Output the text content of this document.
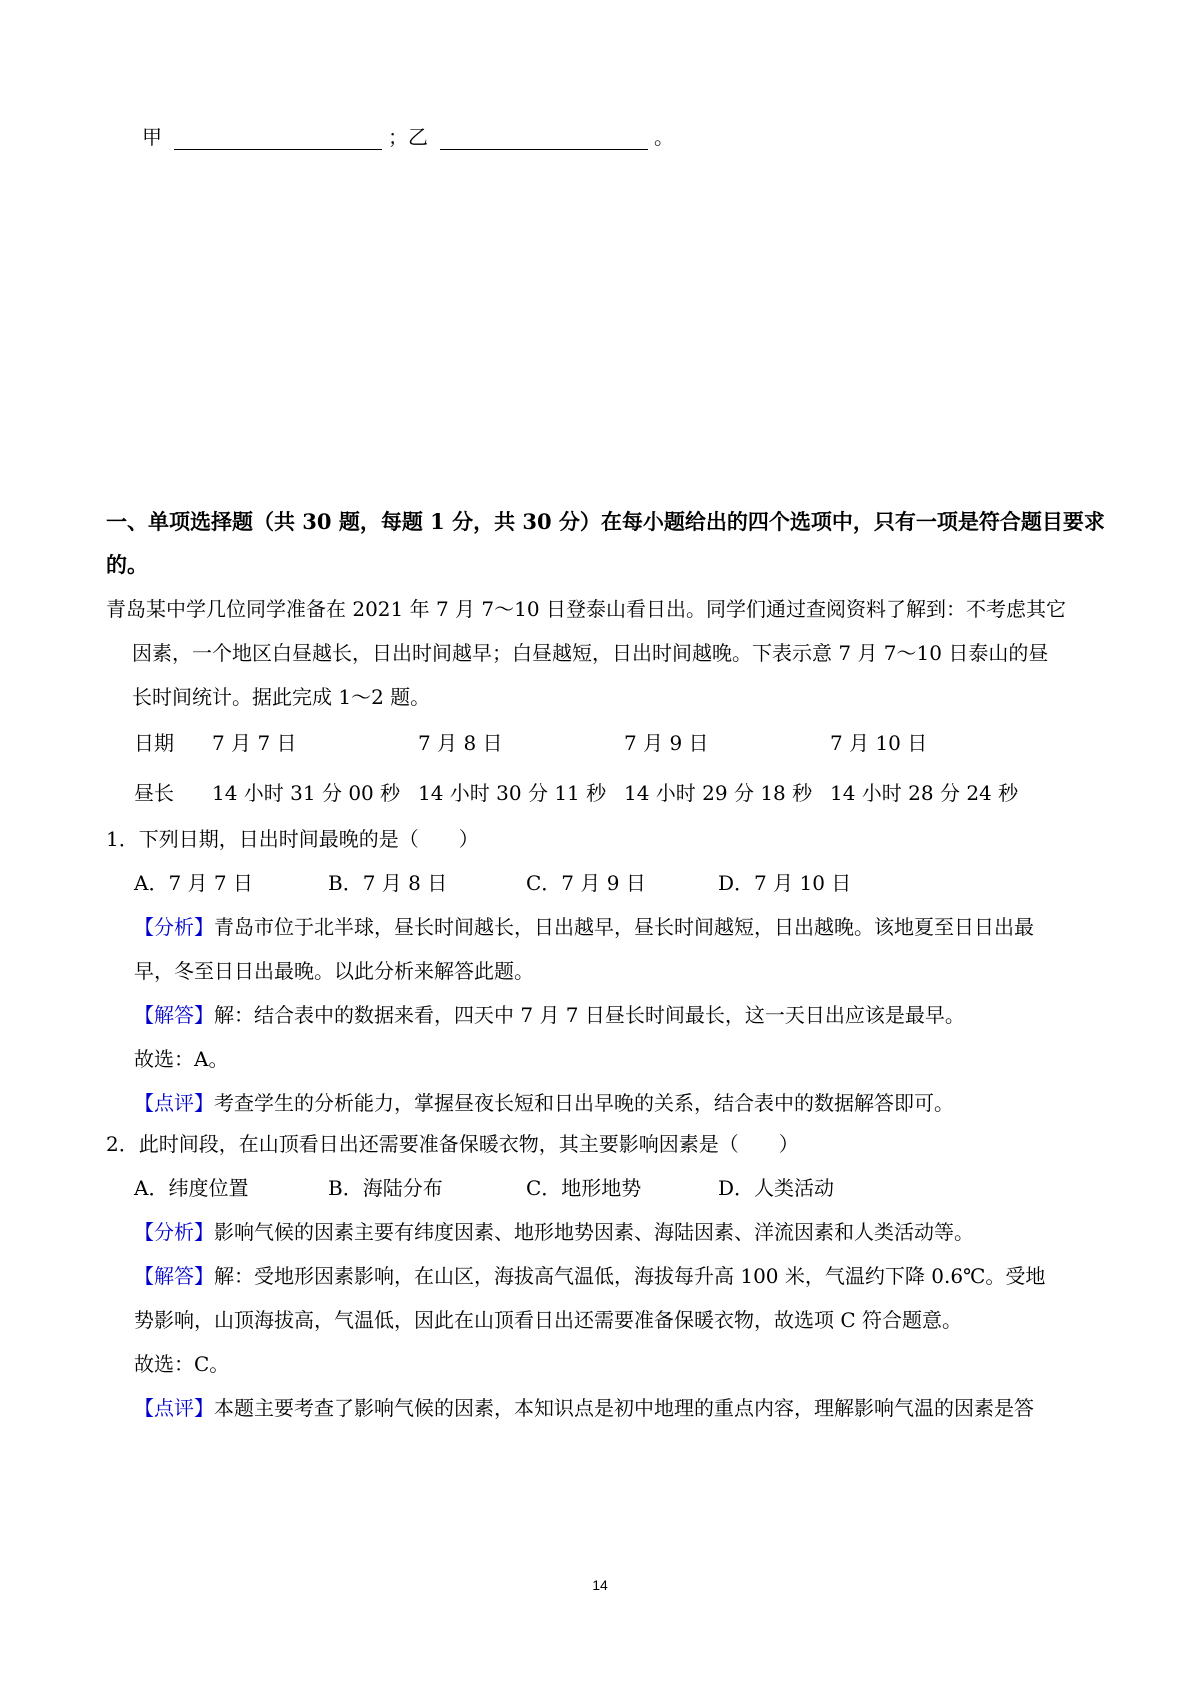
甲	；乙	。
一、单项选择题（共 30 题，每题 1 分，共 30 分）在每小题给出的四个选项中，只有一项是符合题目要求
的。
青岛某中学几位同学准备在 2021 年 7 月 7～10 日登泰山看日出。同学们通过查阅资料了解到：不考虑其它
因素，一个地区白昼越长，日出时间越早；白昼越短，日出时间越晚。下表示意 7 月 7～10 日泰山的昼
长时间统计。据此完成 1～2 题。
日期 7 月 7 日	7 月 8 日	7 月 9 日	7 月 10 日
昼长 14 小时 31 分 00 秒 14 小时 30 分 11 秒 14 小时 29 分 18 秒 14 小时 28 分 24 秒
1．下列日期，日出时间最晚的是（　　）
A．7 月 7 日	B．7 月 8 日	C．7 月 9 日	D．7 月 10 日
【分析】青岛市位于北半球，昼长时间越长，日出越早，昼长时间越短，日出越晚。该地夏至日日出最
早，冬至日日出最晚。以此分析来解答此题。
【解答】解：结合表中的数据来看，四天中 7 月 7 日昼长时间最长，这一天日出应该是最早。
故选：A。
【点评】考查学生的分析能力，掌握昼夜长短和日出早晚的关系，结合表中的数据解答即可。
2．此时间段，在山顶看日出还需要准备保暖衣物，其主要影响因素是（　　）
A．纬度位置	B．海陆分布	C．地形地势	D．人类活动
【分析】影响气候的因素主要有纬度因素、地形地势因素、海陆因素、洋流因素和人类活动等。
【解答】解：受地形因素影响，在山区，海拔高气温低，海拔每升高 100 米，气温约下降 0.6℃。受地
势影响，山顶海拔高，气温低，因此在山顶看日出还需要准备保暖衣物，故选项 C 符合题意。
故选：C。
【点评】本题主要考查了影响气候的因素，本知识点是初中地理的重点内容，理解影响气温的因素是答
14
